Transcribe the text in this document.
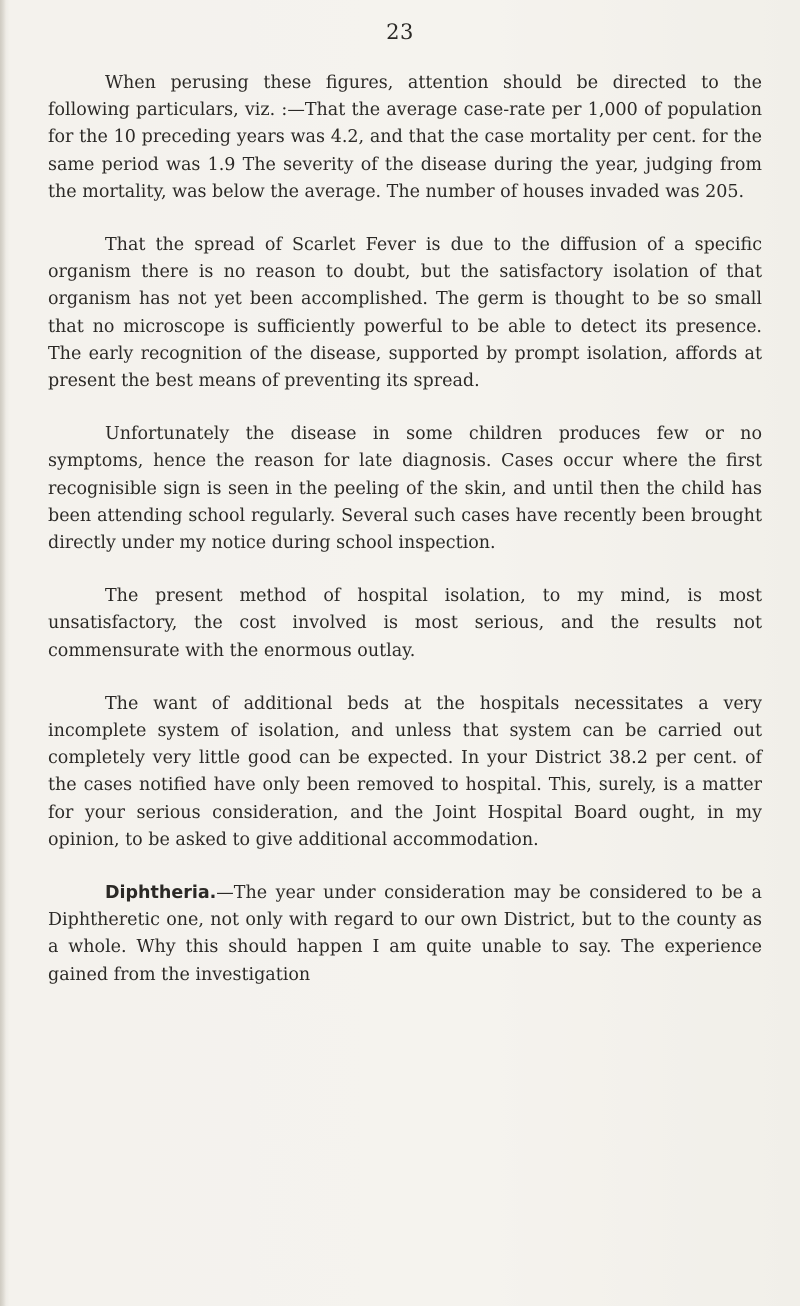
23

When perusing these figures, attention should be directed to the following particulars, viz. :—That the average case-rate per 1,000 of population for the 10 preceding years was 4.2, and that the case mortality per cent. for the same period was 1.9 The severity of the disease during the year, judging from the mortality, was below the average. The number of houses invaded was 205.

That the spread of Scarlet Fever is due to the diffusion of a specific organism there is no reason to doubt, but the satisfactory isolation of that organism has not yet been accomplished. The germ is thought to be so small that no microscope is sufficiently powerful to be able to detect its presence. The early recognition of the disease, supported by prompt isolation, affords at present the best means of preventing its spread.

Unfortunately the disease in some children produces few or no symptoms, hence the reason for late diagnosis. Cases occur where the first recognisible sign is seen in the peeling of the skin, and until then the child has been attending school regularly. Several such cases have recently been brought directly under my notice during school inspection.

The present method of hospital isolation, to my mind, is most unsatisfactory, the cost involved is most serious, and the results not commensurate with the enormous outlay.

The want of additional beds at the hospitals necessitates a very incomplete system of isolation, and unless that system can be carried out completely very little good can be expected. In your District 38.2 per cent. of the cases notified have only been removed to hospital. This, surely, is a matter for your serious consideration, and the Joint Hospital Board ought, in my opinion, to be asked to give additional accommodation.

Diphtheria.—The year under consideration may be considered to be a Diphtheretic one, not only with regard to our own District, but to the county as a whole. Why this should happen I am quite unable to say. The experience gained from the investigation
